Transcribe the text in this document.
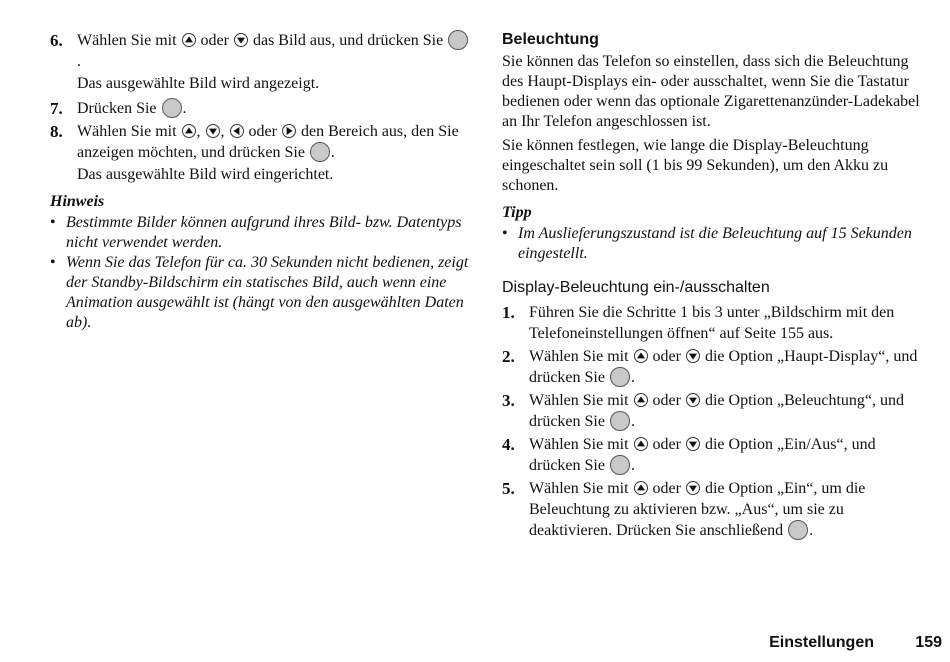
6. Wählen Sie mit oder das Bild aus, und drücken Sie .
Das ausgewählte Bild wird angezeigt.
7. Drücken Sie .
8. Wählen Sie mit , , oder den Bereich aus, den Sie anzeigen möchten, und drücken Sie .
Das ausgewählte Bild wird eingerichtet.
Hinweis
• Bestimmte Bilder können aufgrund ihres Bild- bzw. Datentyps nicht verwendet werden.
• Wenn Sie das Telefon für ca. 30 Sekunden nicht bedienen, zeigt der Standby-Bildschirm ein statisches Bild, auch wenn eine Animation ausgewählt ist (hängt von den ausgewählten Daten ab).
Beleuchtung
Sie können das Telefon so einstellen, dass sich die Beleuchtung des Haupt-Displays ein- oder ausschaltet, wenn Sie die Tastatur bedienen oder wenn das optionale Zigarettenanzünder-Ladekabel an Ihr Telefon angeschlossen ist.
Sie können festlegen, wie lange die Display-Beleuchtung eingeschaltet sein soll (1 bis 99 Sekunden), um den Akku zu schonen.
Tipp
• Im Auslieferungszustand ist die Beleuchtung auf 15 Sekunden eingestellt.
Display-Beleuchtung ein-/ausschalten
1. Führen Sie die Schritte 1 bis 3 unter „Bildschirm mit den Telefoneinstellungen öffnen“ auf Seite 155 aus.
2. Wählen Sie mit oder die Option „Haupt-Display“, und drücken Sie .
3. Wählen Sie mit oder die Option „Beleuchtung“, und drücken Sie .
4. Wählen Sie mit oder die Option „Ein/Aus“, und drücken Sie .
5. Wählen Sie mit oder die Option „Ein“, um die Beleuchtung zu aktivieren bzw. „Aus“, um sie zu deaktivieren. Drücken Sie anschließend .
Einstellungen	159
